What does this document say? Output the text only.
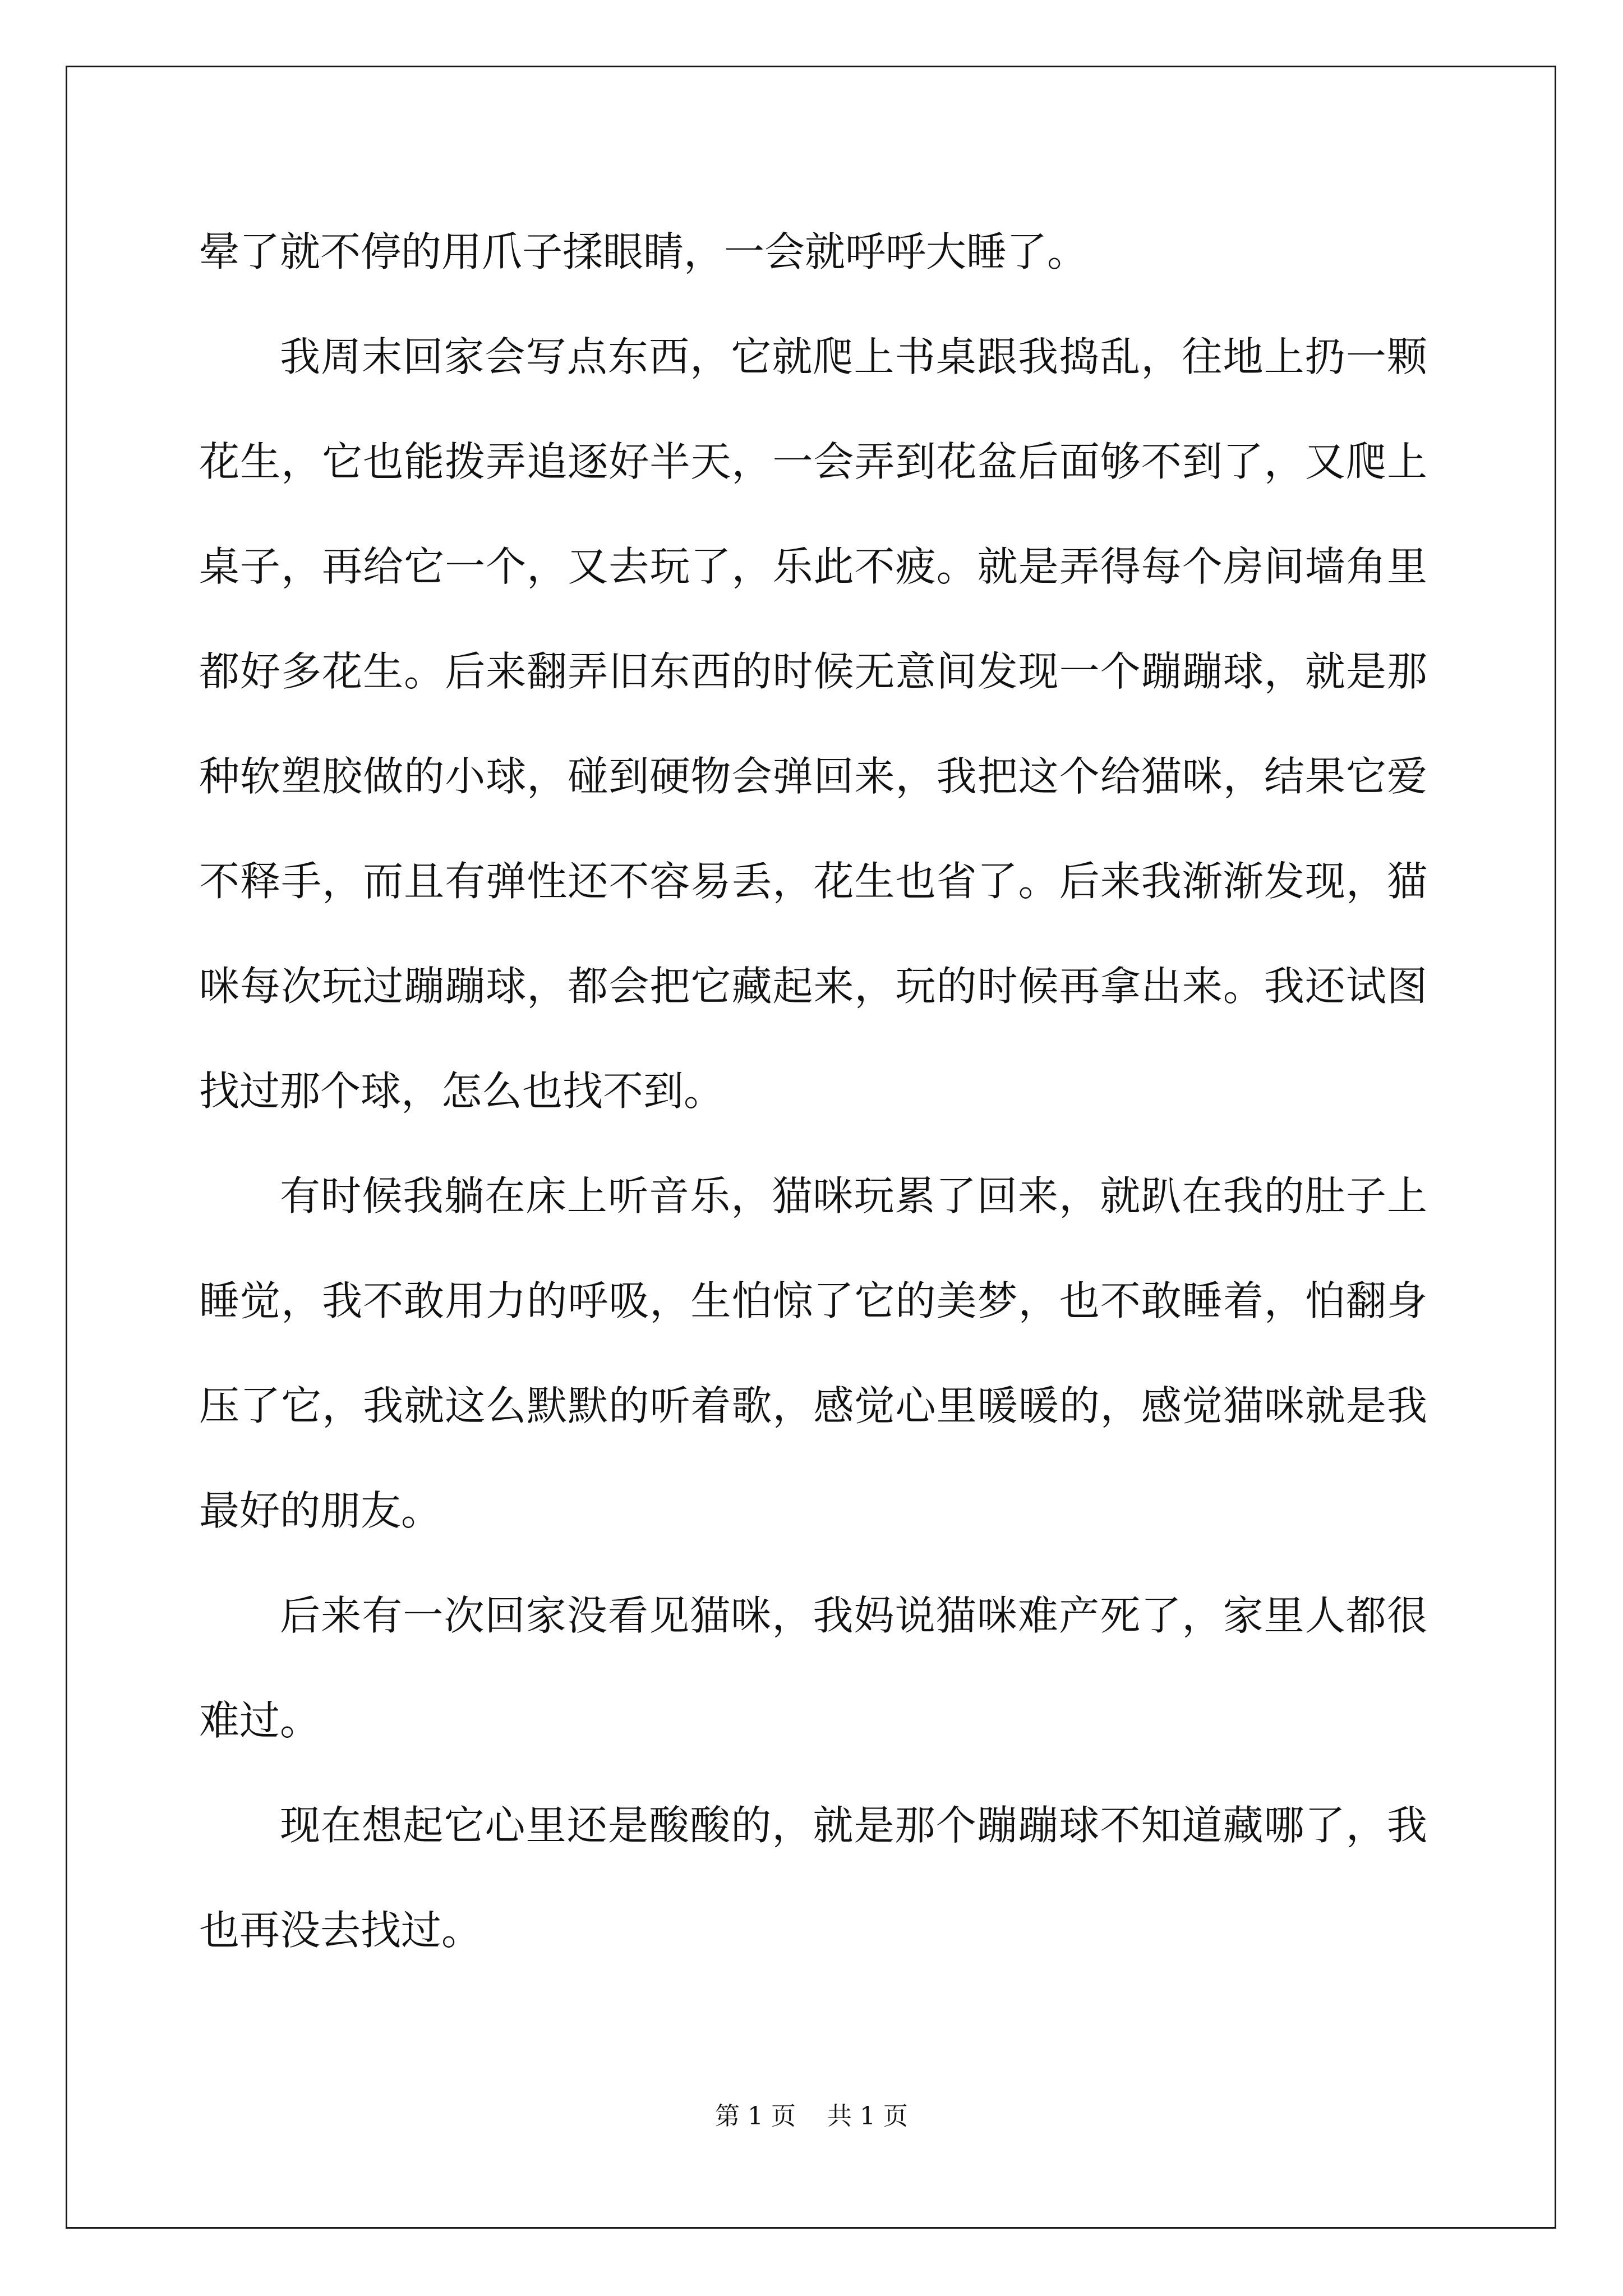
晕了就不停的用爪子揉眼睛，一会就呼呼大睡了。

我周末回家会写点东西，它就爬上书桌跟我捣乱，往地上扔一颗花生，它也能拨弄追逐好半天，一会弄到花盆后面够不到了，又爬上桌子，再给它一个，又去玩了，乐此不疲。就是弄得每个房间墙角里都好多花生。后来翻弄旧东西的时候无意间发现一个蹦蹦球，就是那种软塑胶做的小球，碰到硬物会弹回来，我把这个给猫咪，结果它爱不释手，而且有弹性还不容易丢，花生也省了。后来我渐渐发现，猫咪每次玩过蹦蹦球，都会把它藏起来，玩的时候再拿出来。我还试图找过那个球，怎么也找不到。

有时候我躺在床上听音乐，猫咪玩累了回来，就趴在我的肚子上睡觉，我不敢用力的呼吸，生怕惊了它的美梦，也不敢睡着，怕翻身压了它，我就这么默默的听着歌，感觉心里暖暖的，感觉猫咪就是我最好的朋友。

后来有一次回家没看见猫咪，我妈说猫咪难产死了，家里人都很难过。

现在想起它心里还是酸酸的，就是那个蹦蹦球不知道藏哪了，我也再没去找过。

第 1 页    共 1 页
